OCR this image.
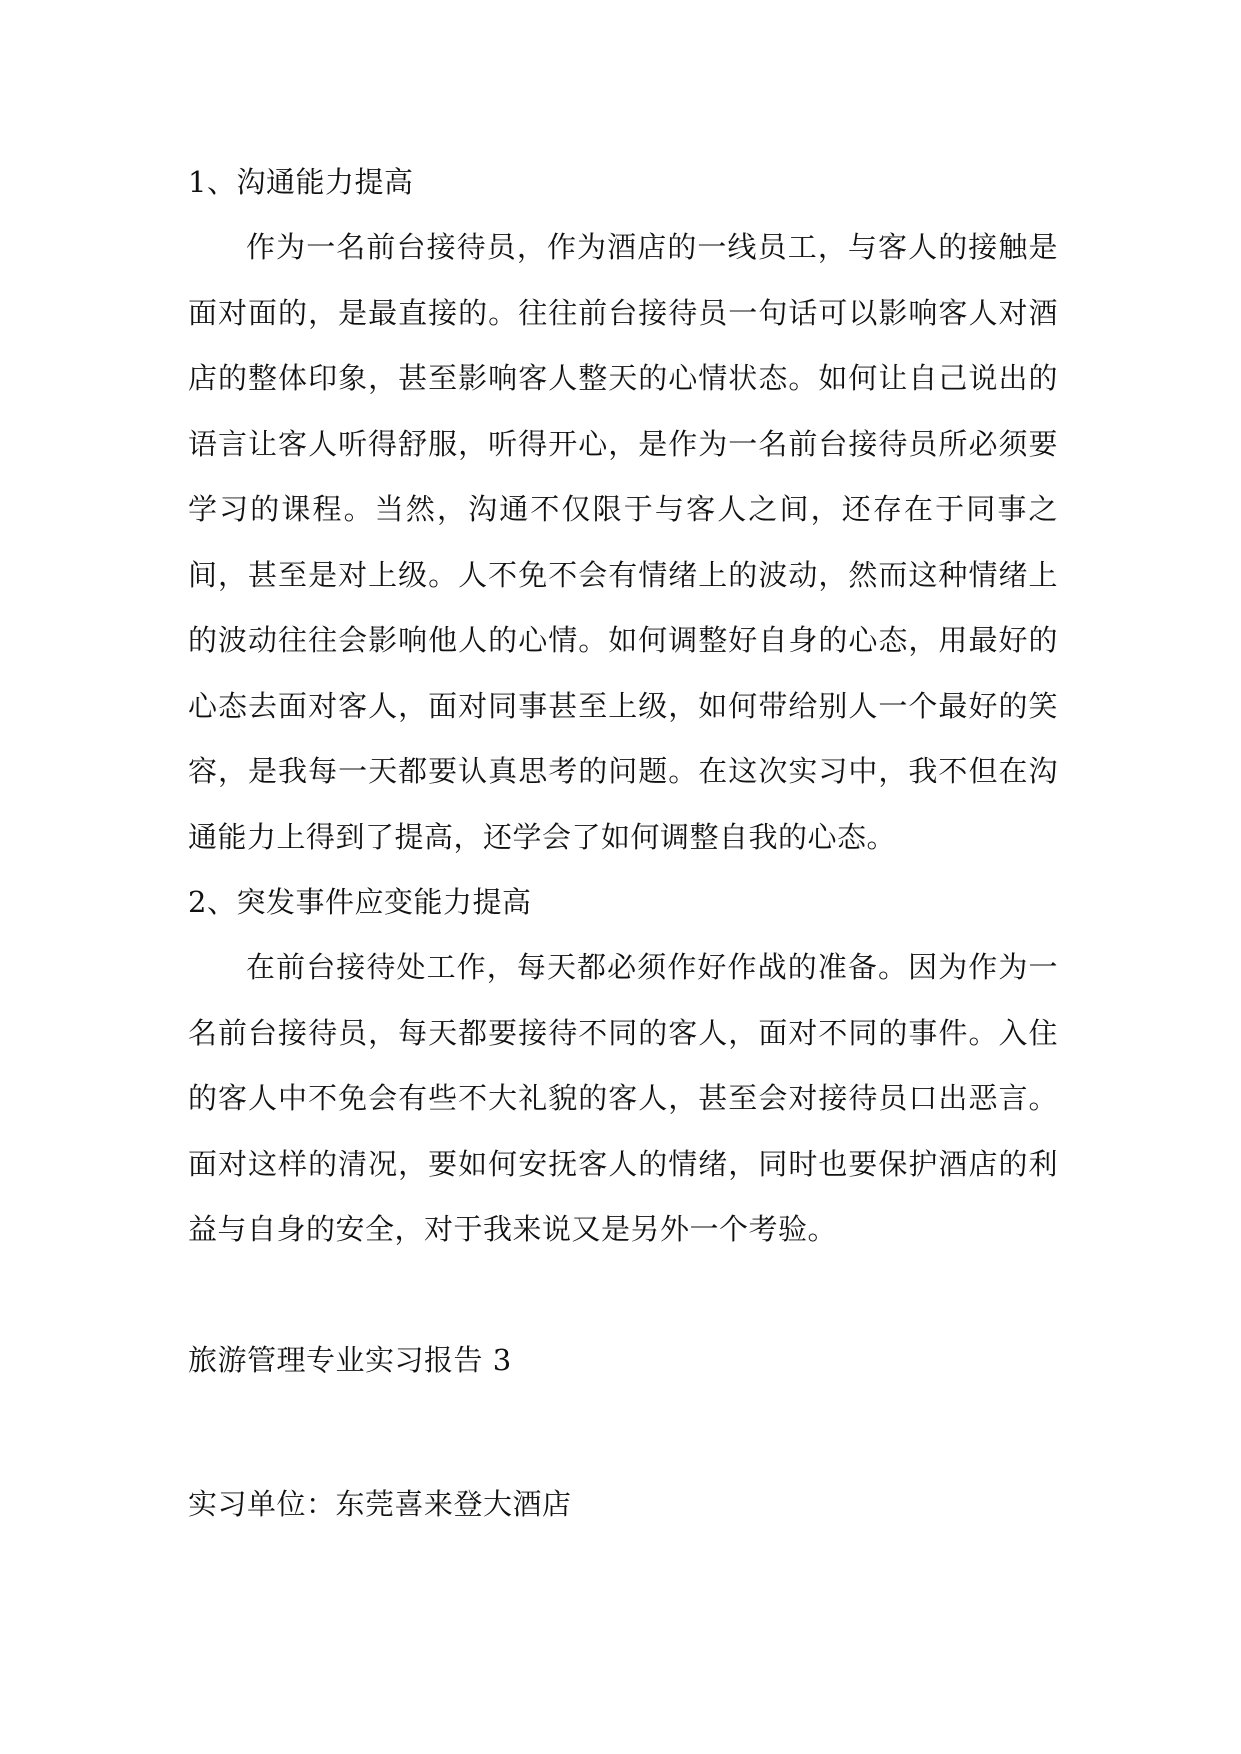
1、沟通能力提高

作为一名前台接待员，作为酒店的一线员工，与客人的接触是面对面的，是最直接的。往往前台接待员一句话可以影响客人对酒店的整体印象，甚至影响客人整天的心情状态。如何让自己说出的语言让客人听得舒服，听得开心，是作为一名前台接待员所必须要学习的课程。当然，沟通不仅限于与客人之间，还存在于同事之间，甚至是对上级。人不免不会有情绪上的波动，然而这种情绪上的波动往往会影响他人的心情。如何调整好自身的心态，用最好的心态去面对客人，面对同事甚至上级，如何带给别人一个最好的笑容，是我每一天都要认真思考的问题。在这次实习中，我不但在沟通能力上得到了提高，还学会了如何调整自我的心态。

2、突发事件应变能力提高

在前台接待处工作，每天都必须作好作战的准备。因为作为一名前台接待员，每天都要接待不同的客人，面对不同的事件。入住的客人中不免会有些不大礼貌的客人，甚至会对接待员口出恶言。面对这样的清况，要如何安抚客人的情绪，同时也要保护酒店的利益与自身的安全，对于我来说又是另外一个考验。

旅游管理专业实习报告 3
实习单位：东莞喜来登大酒店
